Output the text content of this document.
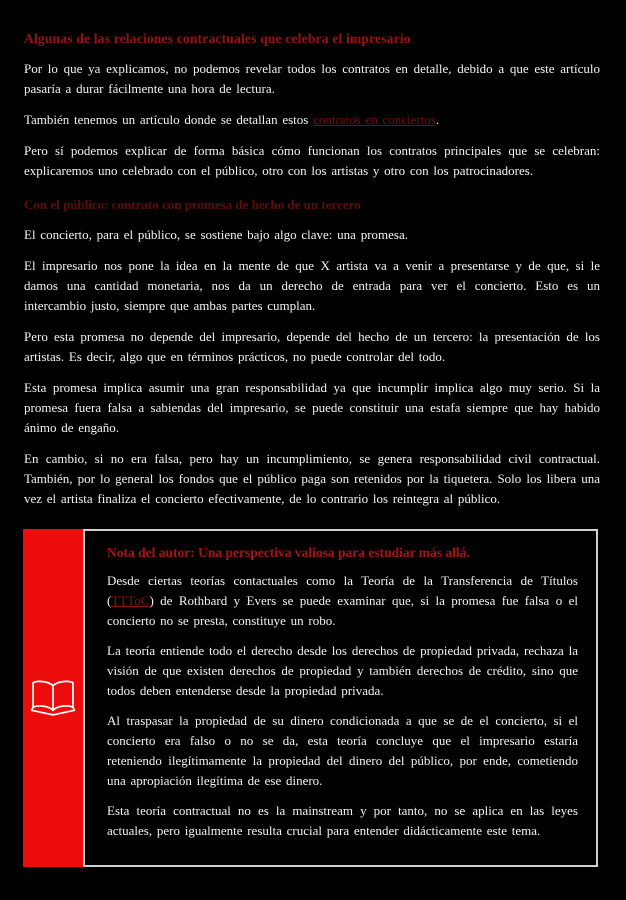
Algunas de las relaciones contractuales que celebra el impresario

Por lo que ya explicamos, no podemos revelar todos los contratos en detalle, debido a que este artículo pasaría a durar fácilmente una hora de lectura.

También tenemos un artículo donde se detallan estos contratos en conciertos.

Pero sí podemos explicar de forma básica cómo funcionan los contratos principales que se celebran: explicaremos uno celebrado con el público, otro con los artistas y otro con los patrocinadores.

Con el público: contrato con promesa de hecho de un tercero

El concierto, para el público, se sostiene bajo algo clave: una promesa.

El impresario nos pone la idea en la mente de que X artista va a venir a presentarse y de que, si le damos una cantidad monetaria, nos da un derecho de entrada para ver el concierto. Esto es un intercambio justo, siempre que ambas partes cumplan.

Pero esta promesa no depende del impresario, depende del hecho de un tercero: la presentación de los artistas. Es decir, algo que en términos prácticos, no puede controlar del todo.

Esta promesa implica asumir una gran responsabilidad ya que incumplir implica algo muy serio. Si la promesa fuera falsa a sabiendas del impresario, se puede constituir una estafa siempre que hay habido ánimo de engaño.

En cambio, si no era falsa, pero hay un incumplimiento, se genera responsabilidad civil contractual. También, por lo general los fondos que el público paga son retenidos por la tiquetera. Solo los libera una vez el artista finaliza el concierto efectivamente, de lo contrario los reintegra al público.

Nota del autor: Una perspectiva valiosa para estudiar más allá.

Desde ciertas teorías contactuales como la Teoría de la Transferencia de Títulos (TTToC) de Rothbard y Evers se puede examinar que, si la promesa fue falsa o el concierto no se presta, constituye un robo.

La teoría entiende todo el derecho desde los derechos de propiedad privada, rechaza la visión de que existen derechos de propiedad y también derechos de crédito, sino que todos deben entenderse desde la propiedad privada.

Al traspasar la propiedad de su dinero condicionada a que se de el concierto, si el concierto era falso o no se da, esta teoría concluye que el impresario estaría reteniendo ilegítimamente la propiedad del dinero del público, por ende, cometiendo una apropiación ilegítima de ese dinero.

Esta teoría contractual no es la mainstream y por tanto, no se aplica en las leyes actuales, pero igualmente resulta crucial para entender didácticamente este tema.
